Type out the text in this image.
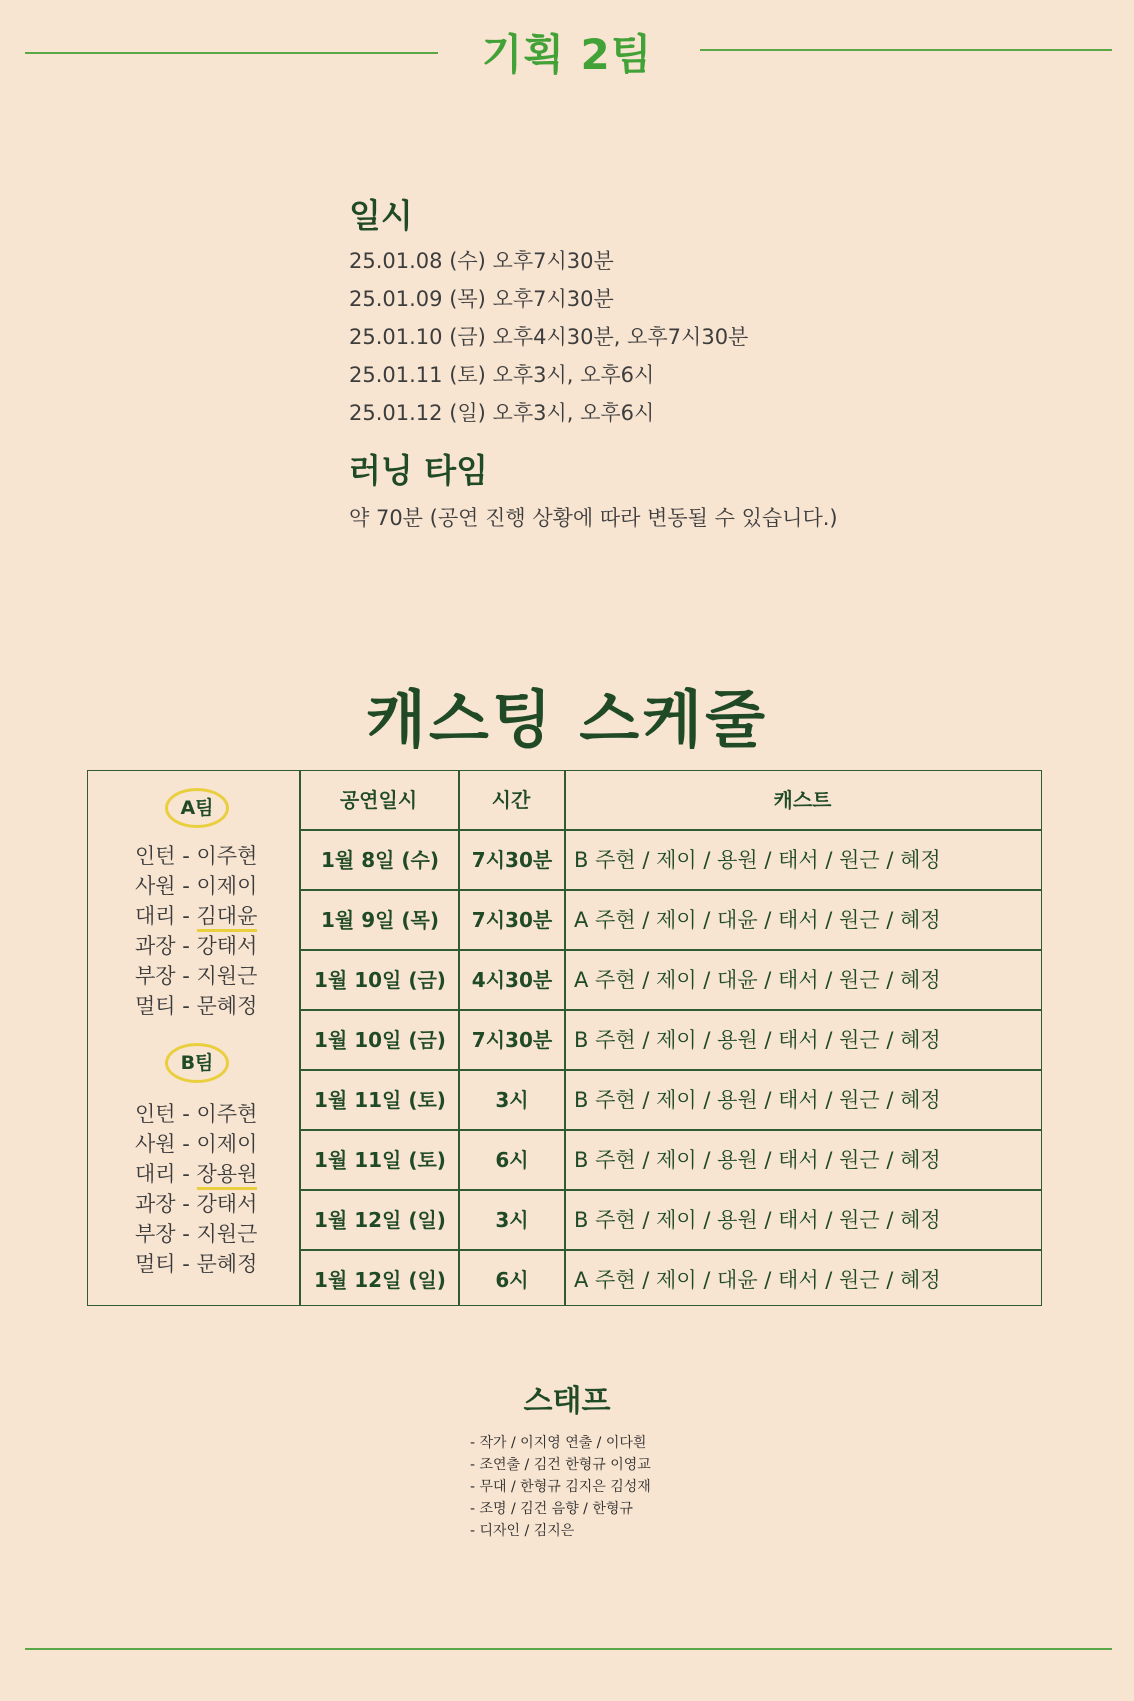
기획 2팀
일시
25.01.08 (수) 오후7시30분
25.01.09 (목) 오후7시30분
25.01.10 (금) 오후4시30분, 오후7시30분
25.01.11 (토) 오후3시, 오후6시
25.01.12 (일) 오후3시, 오후6시
러닝 타임
약 70분 (공연 진행 상황에 따라 변동될 수 있습니다.)
캐스팅 스케줄
공연일시	시간	캐스트
A팀
인턴 - 이주현
사원 - 이제이
대리 - 김대윤
과장 - 강태서
부장 - 지원근
멀티 - 문혜정
B팀
인턴 - 이주현
사원 - 이제이
대리 - 장용원
과장 - 강태서
부장 - 지원근
멀티 - 문혜정
1월 8일 (수)	7시30분	B 주현 / 제이 / 용원 / 태서 / 원근 / 혜정
1월 9일 (목)	7시30분	A 주현 / 제이 / 대윤 / 태서 / 원근 / 혜정
1월 10일 (금)	4시30분	A 주현 / 제이 / 대윤 / 태서 / 원근 / 혜정
1월 10일 (금)	7시30분	B 주현 / 제이 / 용원 / 태서 / 원근 / 혜정
1월 11일 (토)	3시	B 주현 / 제이 / 용원 / 태서 / 원근 / 혜정
1월 11일 (토)	6시	B 주현 / 제이 / 용원 / 태서 / 원근 / 혜정
1월 12일 (일)	3시	B 주현 / 제이 / 용원 / 태서 / 원근 / 혜정
1월 12일 (일)	6시	A 주현 / 제이 / 대윤 / 태서 / 원근 / 혜정
스태프
- 작가 / 이지영 연출 / 이다흰
- 조연출 / 김건 한형규 이영교
- 무대 / 한형규 김지은 김성재
- 조명 / 김건 음향 / 한형규
- 디자인 / 김지은
